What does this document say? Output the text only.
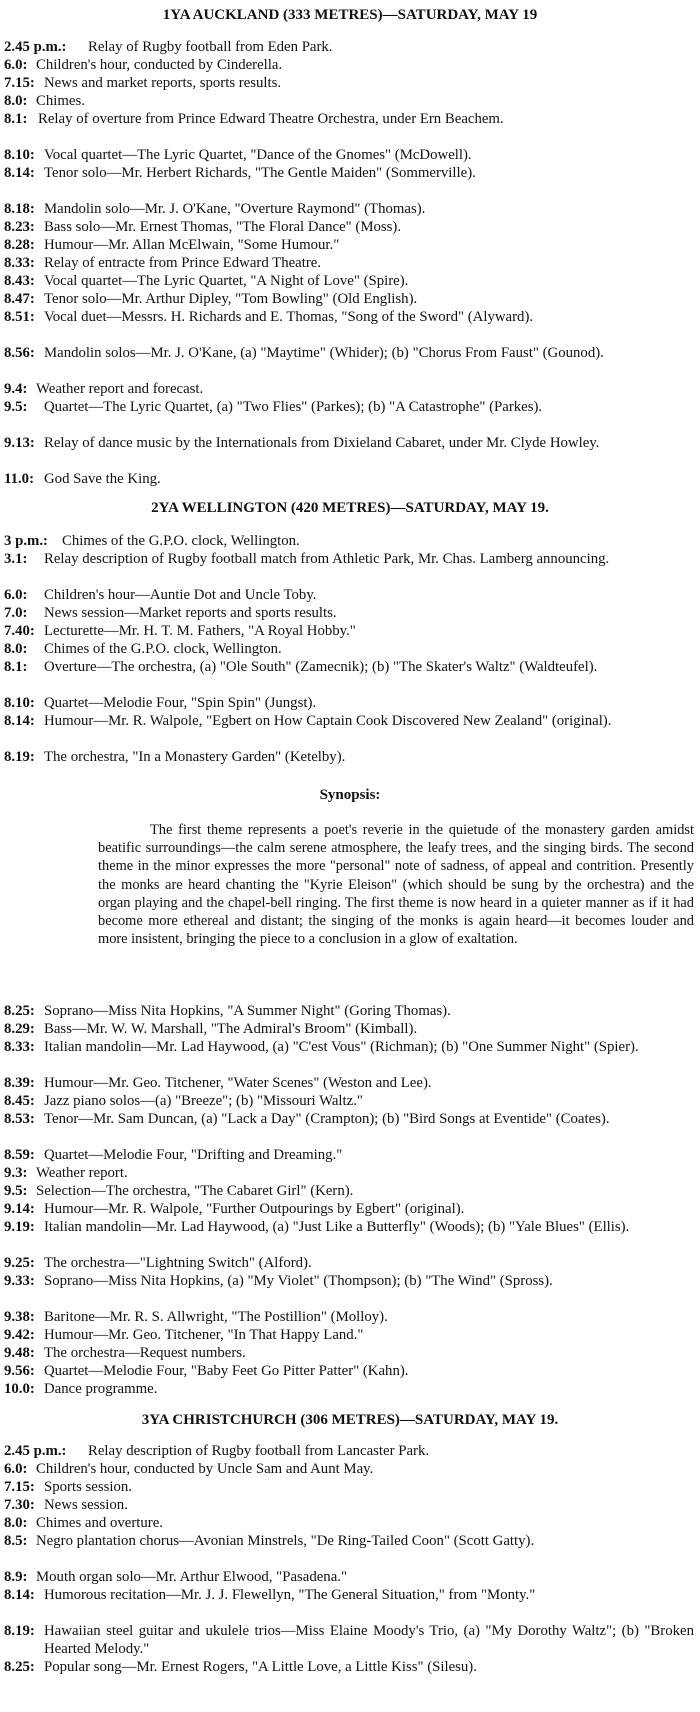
1YA AUCKLAND (333 METRES)—SATURDAY, MAY 19
2.45 p.m.:	Relay of Rugby football from Eden Park.
6.0: Children's hour, conducted by Cinderella.
7.15: News and market reports, sports results.
8.0: Chimes.
8.1: Relay of overture from Prince Edward Theatre Orchestra, under Ern Beachem.
8.10: Vocal quartet—The Lyric Quartet, "Dance of the Gnomes" (McDowell).
8.14: Tenor solo—Mr. Herbert Richards, "The Gentle Maiden" (Sommerville).
8.18: Mandolin solo—Mr. J. O'Kane, "Overture Raymond" (Thomas).
8.23: Bass solo—Mr. Ernest Thomas, "The Floral Dance" (Moss).
8.28: Humour—Mr. Allan McElwain, "Some Humour."
8.33: Relay of entracte from Prince Edward Theatre.
8.43: Vocal quartet—The Lyric Quartet, "A Night of Love" (Spire).
8.47: Tenor solo—Mr. Arthur Dipley, "Tom Bowling" (Old English).
8.51: Vocal duet—Messrs. H. Richards and E. Thomas, "Song of the Sword" (Alyward).
8.56: Mandolin solos—Mr. J. O'Kane, (a) "Maytime" (Whider); (b) "Chorus From Faust" (Gounod).
9.4: Weather report and forecast.
9.5:	Quartet—The Lyric Quartet, (a) "Two Flies" (Parkes); (b) "A Catastrophe" (Parkes).
9.13: Relay of dance music by the Internationals from Dixieland Cabaret, under Mr. Clyde Howley.
11.0: God Save the King.
2YA WELLINGTON (420 METRES)—SATURDAY, MAY 19.
3 p.m.: Chimes of the G.P.O. clock, Wellington.
3.1:	Relay description of Rugby football match from Athletic Park, Mr. Chas. Lamberg announcing.
6.0:	Children's hour—Auntie Dot and Uncle Toby.
7.0:	News session—Market reports and sports results.
7.40: Lecturette—Mr. H. T. M. Fathers, "A Royal Hobby."
8.0:	Chimes of the G.P.O. clock, Wellington.
8.1:	Overture—The orchestra, (a) "Ole South" (Zamecnik); (b) "The Skater's Waltz" (Waldteufel).
8.10: Quartet—Melodie Four, "Spin Spin" (Jungst).
8.14: Humour—Mr. R. Walpole, "Egbert on How Captain Cook Discovered New Zealand" (original).
8.19: The orchestra, "In a Monastery Garden" (Ketelby).
Synopsis:
The first theme represents a poet's reverie in the quietude of the monastery garden amidst beatific surroundings—the calm serene atmosphere, the leafy trees, and the singing birds. The second theme in the minor expresses the more "personal" note of sadness, of appeal and contrition. Presently the monks are heard chanting the "Kyrie Eleison" (which should be sung by the orchestra) and the organ playing and the chapel-bell ringing. The first theme is now heard in a quieter manner as if it had become more ethereal and distant; the singing of the monks is again heard—it becomes louder and more insistent, bringing the piece to a conclusion in a glow of exaltation.
8.25: Soprano—Miss Nita Hopkins, "A Summer Night" (Goring Thomas).
8.29: Bass—Mr. W. W. Marshall, "The Admiral's Broom" (Kimball).
8.33: Italian mandolin—Mr. Lad Haywood, (a) "C'est Vous" (Richman); (b) "One Summer Night" (Spier).
8.39: Humour—Mr. Geo. Titchener, "Water Scenes" (Weston and Lee).
8.45: Jazz piano solos—(a) "Breeze"; (b) "Missouri Waltz."
8.53: Tenor—Mr. Sam Duncan, (a) "Lack a Day" (Crampton); (b) "Bird Songs at Eventide" (Coates).
8.59: Quartet—Melodie Four, "Drifting and Dreaming."
9.3: Weather report.
9.5: Selection—The orchestra, "The Cabaret Girl" (Kern).
9.14: Humour—Mr. R. Walpole, "Further Outpourings by Egbert" (original).
9.19: Italian mandolin—Mr. Lad Haywood, (a) "Just Like a Butterfly" (Woods); (b) "Yale Blues" (Ellis).
9.25: The orchestra—"Lightning Switch" (Alford).
9.33: Soprano—Miss Nita Hopkins, (a) "My Violet" (Thompson); (b) "The Wind" (Spross).
9.38: Baritone—Mr. R. S. Allwright, "The Postillion" (Molloy).
9.42: Humour—Mr. Geo. Titchener, "In That Happy Land."
9.48: The orchestra—Request numbers.
9.56: Quartet—Melodie Four, "Baby Feet Go Pitter Patter" (Kahn).
10.0: Dance programme.
3YA CHRISTCHURCH (306 METRES)—SATURDAY, MAY 19.
2.45 p.m.:	Relay description of Rugby football from Lancaster Park.
6.0: Children's hour, conducted by Uncle Sam and Aunt May.
7.15: Sports session.
7.30: News session.
8.0: Chimes and overture.
8.5: Negro plantation chorus—Avonian Minstrels, "De Ring-Tailed Coon" (Scott Gatty).
8.9: Mouth organ solo—Mr. Arthur Elwood, "Pasadena."
8.14: Humorous recitation—Mr. J. J. Flewellyn, "The General Situation," from "Monty."
8.19: Hawaiian steel guitar and ukulele trios—Miss Elaine Moody's Trio, (a) "My Dorothy Waltz"; (b) "Broken Hearted Melody."
8.25: Popular song—Mr. Ernest Rogers, "A Little Love, a Little Kiss" (Silesu).
